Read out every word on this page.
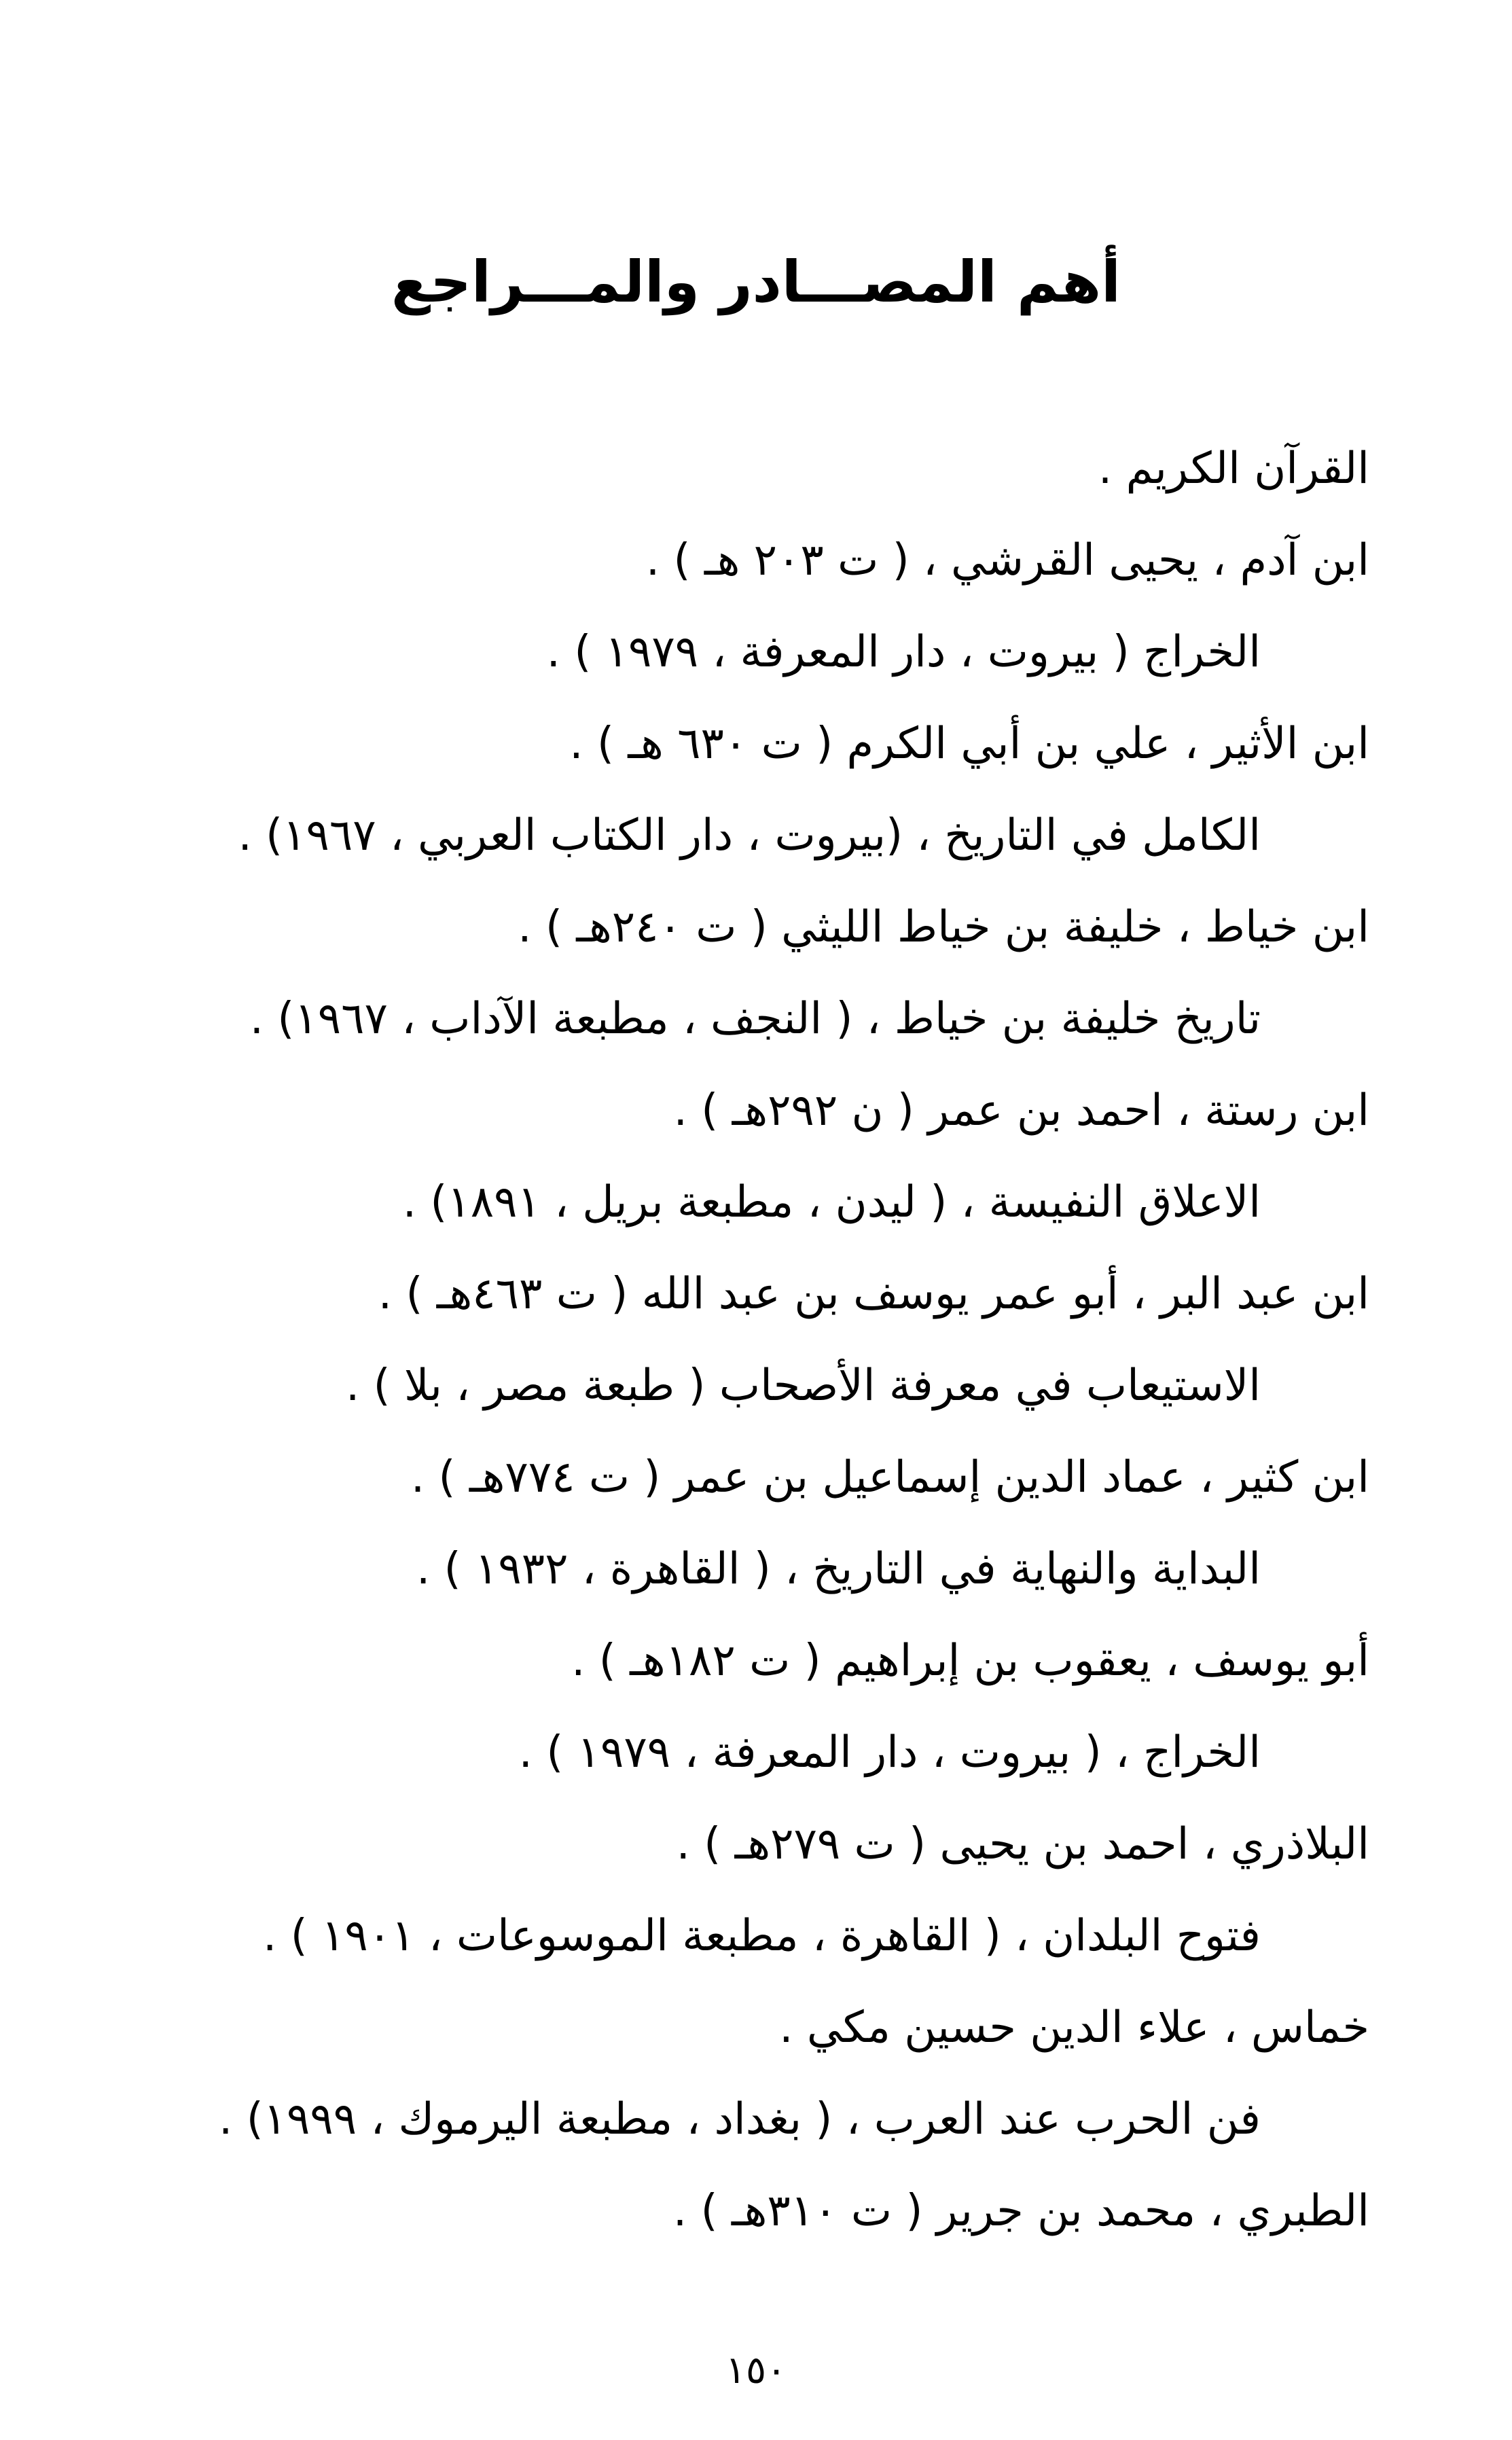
أهم المصـــادر والمـــراجع
القرآن الكريم .
ابن آدم ، يحيى القرشي ، ( ت ٢٠٣ هـ ) .
الخراج ( بيروت ، دار المعرفة ، ١٩٧٩ ) .
ابن الأثير ، علي بن أبي الكرم ( ت ٦٣٠ هـ ) .
الكامل في التاريخ ، (بيروت ، دار الكتاب العربي ، ١٩٦٧) .
ابن خياط ، خليفة بن خياط الليثي ( ت ٢٤٠هـ ) .
تاريخ خليفة بن خياط ، ( النجف ، مطبعة الآداب ، ١٩٦٧) .
ابن رستة ، احمد بن عمر ( ن ٢٩٢هـ ) .
الاعلاق النفيسة ، ( ليدن ، مطبعة بريل ، ١٨٩١) .
ابن عبد البر ، أبو عمر يوسف بن عبد الله ( ت ٤٦٣هـ ) .
الاستيعاب في معرفة الأصحاب ( طبعة مصر ، بلا ) .
ابن كثير ، عماد الدين إسماعيل بن عمر ( ت ٧٧٤هـ ) .
البداية والنهاية في التاريخ ، ( القاهرة ، ١٩٣٢ ) .
أبو يوسف ، يعقوب بن إبراهيم ( ت ١٨٢هـ ) .
الخراج ، ( بيروت ، دار المعرفة ، ١٩٧٩ ) .
البلاذري ، احمد بن يحيى ( ت ٢٧٩هـ ) .
فتوح البلدان ، ( القاهرة ، مطبعة الموسوعات ، ١٩٠١ ) .
خماس ، علاء الدين حسين مكي .
فن الحرب عند العرب ، ( بغداد ، مطبعة اليرموك ، ١٩٩٩) .
الطبري ، محمد بن جرير ( ت ٣١٠هـ ) .
١٥٠
